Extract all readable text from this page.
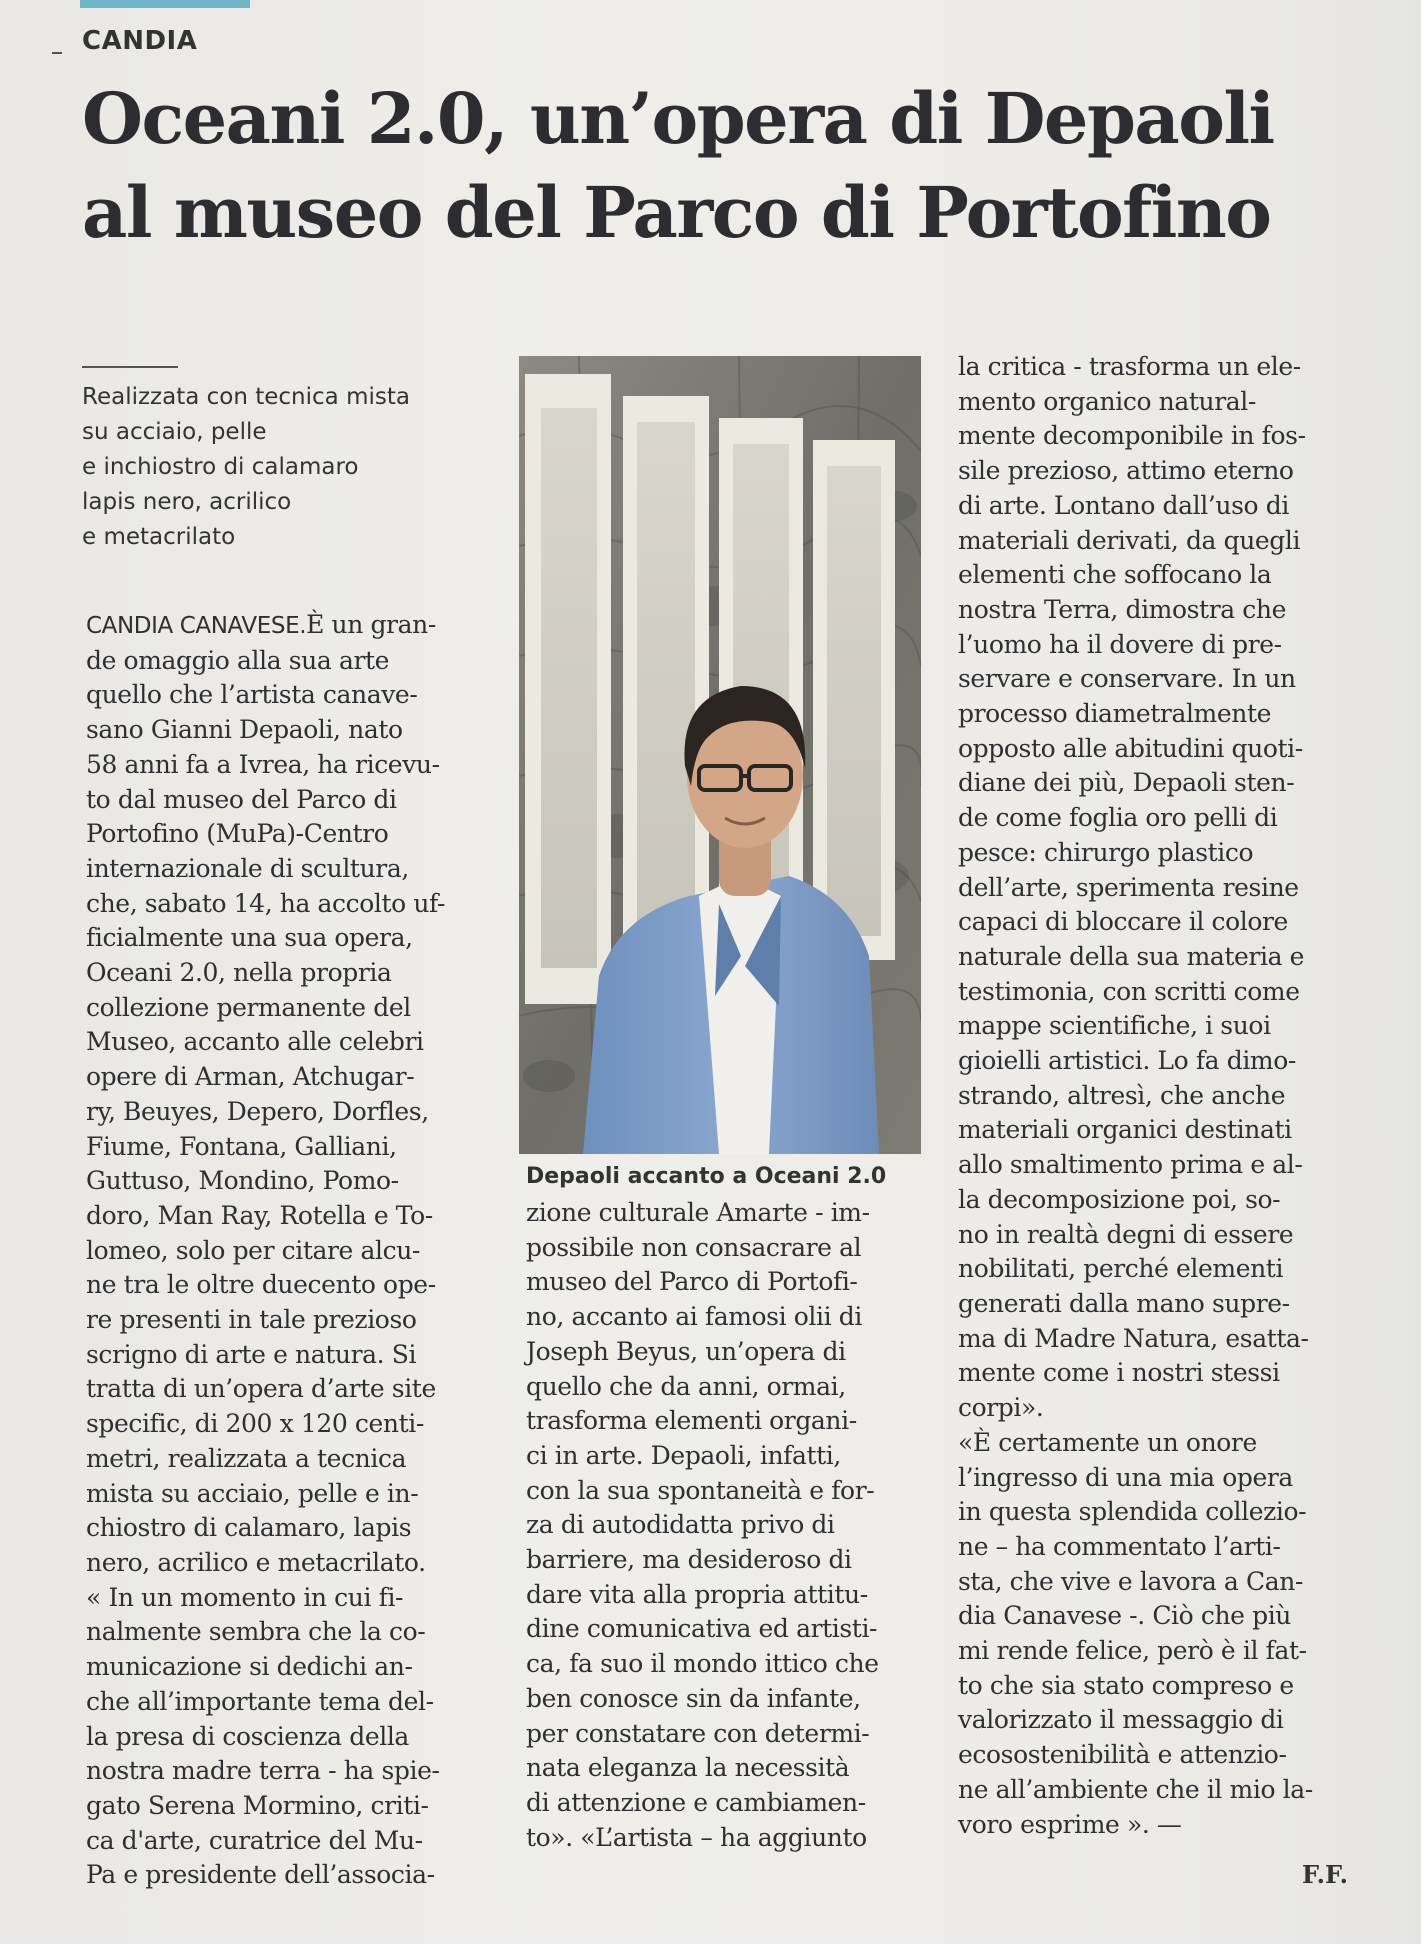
CANDIA
Oceani 2.0, un’opera di Depaoli
al museo del Parco di Portofino
Realizzata con tecnica mista
su acciaio, pelle
e inchiostro di calamaro
lapis nero, acrilico
e metacrilato
CANDIA CANAVESE.È un gran-
de omaggio alla sua arte
quello che l’artista canave-
sano Gianni Depaoli, nato
58 anni fa a Ivrea, ha ricevu-
to dal museo del Parco di
Portofino (MuPa)-Centro
internazionale di scultura,
che, sabato 14, ha accolto uf-
ficialmente una sua opera,
Oceani 2.0, nella propria
collezione permanente del
Museo, accanto alle celebri
opere di Arman, Atchugar-
ry, Beuyes, Depero, Dorfles,
Fiume, Fontana, Galliani,
Guttuso, Mondino, Pomo-
doro, Man Ray, Rotella e To-
lomeo, solo per citare alcu-
ne tra le oltre duecento ope-
re presenti in tale prezioso
scrigno di arte e natura. Si
tratta di un’opera d’arte site
specific, di 200 x 120 centi-
metri, realizzata a tecnica
mista su acciaio, pelle e in-
chiostro di calamaro, lapis
nero, acrilico e metacrilato.
« In un momento in cui fi-
nalmente sembra che la co-
municazione si dedichi an-
che all’importante tema del-
la presa di coscienza della
nostra madre terra - ha spie-
gato Serena Mormino, criti-
ca d'arte, curatrice del Mu-
Pa e presidente dell’associa-
Depaoli accanto a Oceani 2.0
zione culturale Amarte - im-
possibile non consacrare al
museo del Parco di Portofi-
no, accanto ai famosi olii di
Joseph Beyus, un’opera di
quello che da anni, ormai,
trasforma elementi organi-
ci in arte. Depaoli, infatti,
con la sua spontaneità e for-
za di autodidatta privo di
barriere, ma desideroso di
dare vita alla propria attitu-
dine comunicativa ed artisti-
ca, fa suo il mondo ittico che
ben conosce sin da infante,
per constatare con determi-
nata eleganza la necessità
di attenzione e cambiamen-
to». «L’artista – ha aggiunto
la critica - trasforma un ele-
mento organico natural-
mente decomponibile in fos-
sile prezioso, attimo eterno
di arte. Lontano dall’uso di
materiali derivati, da quegli
elementi che soffocano la
nostra Terra, dimostra che
l’uomo ha il dovere di pre-
servare e conservare. In un
processo diametralmente
opposto alle abitudini quoti-
diane dei più, Depaoli sten-
de come foglia oro pelli di
pesce: chirurgo plastico
dell’arte, sperimenta resine
capaci di bloccare il colore
naturale della sua materia e
testimonia, con scritti come
mappe scientifiche, i suoi
gioielli artistici. Lo fa dimo-
strando, altresì, che anche
materiali organici destinati
allo smaltimento prima e al-
la decomposizione poi, so-
no in realtà degni di essere
nobilitati, perché elementi
generati dalla mano supre-
ma di Madre Natura, esatta-
mente come i nostri stessi
corpi».
«È certamente un onore
l’ingresso di una mia opera
in questa splendida collezio-
ne – ha commentato l’arti-
sta, che vive e lavora a Can-
dia Canavese -. Ciò che più
mi rende felice, però è il fat-
to che sia stato compreso e
valorizzato il messaggio di
ecosostenibilità e attenzio-
ne all’ambiente che il mio la-
voro esprime ». —
F.F.
